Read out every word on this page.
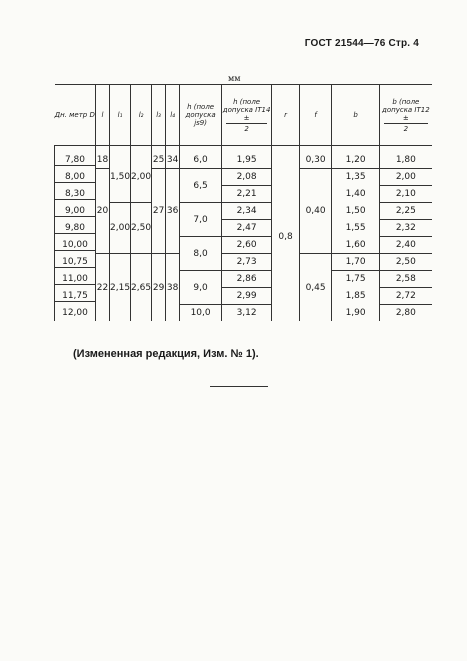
ГОСТ 21544—76 Стр. 4
мм
Дн. метр D	l	l₁	l₂	l₃	l₄	h (поле допуска js9)	h (поле допуска IT14
±
2	r	f	b	b (поле допуска IT12
±
2

7,80	18	1,50	2,00	25	34	6,0	1,95	0,8	0,30	1,20	1,80

8,00	20			27	36	6,5	2,08		0,40	1,35	2,00

8,30							2,21			1,40	2,10

9,00		2,00	2,50			7,0	2,34			1,50	2,25

9,80							2,47			1,55	2,32

10,00						8,0	2,60			1,60	2,40

10,75	22	2,15	2,65	29	38		2,73		0,45	1,70	2,50

11,00						9,0	2,86			1,75	2,58

11,75							2,99			1,85	2,72

12,00						10,0	3,12			1,90	2,80
(Измененная редакция, Изм. № 1).
